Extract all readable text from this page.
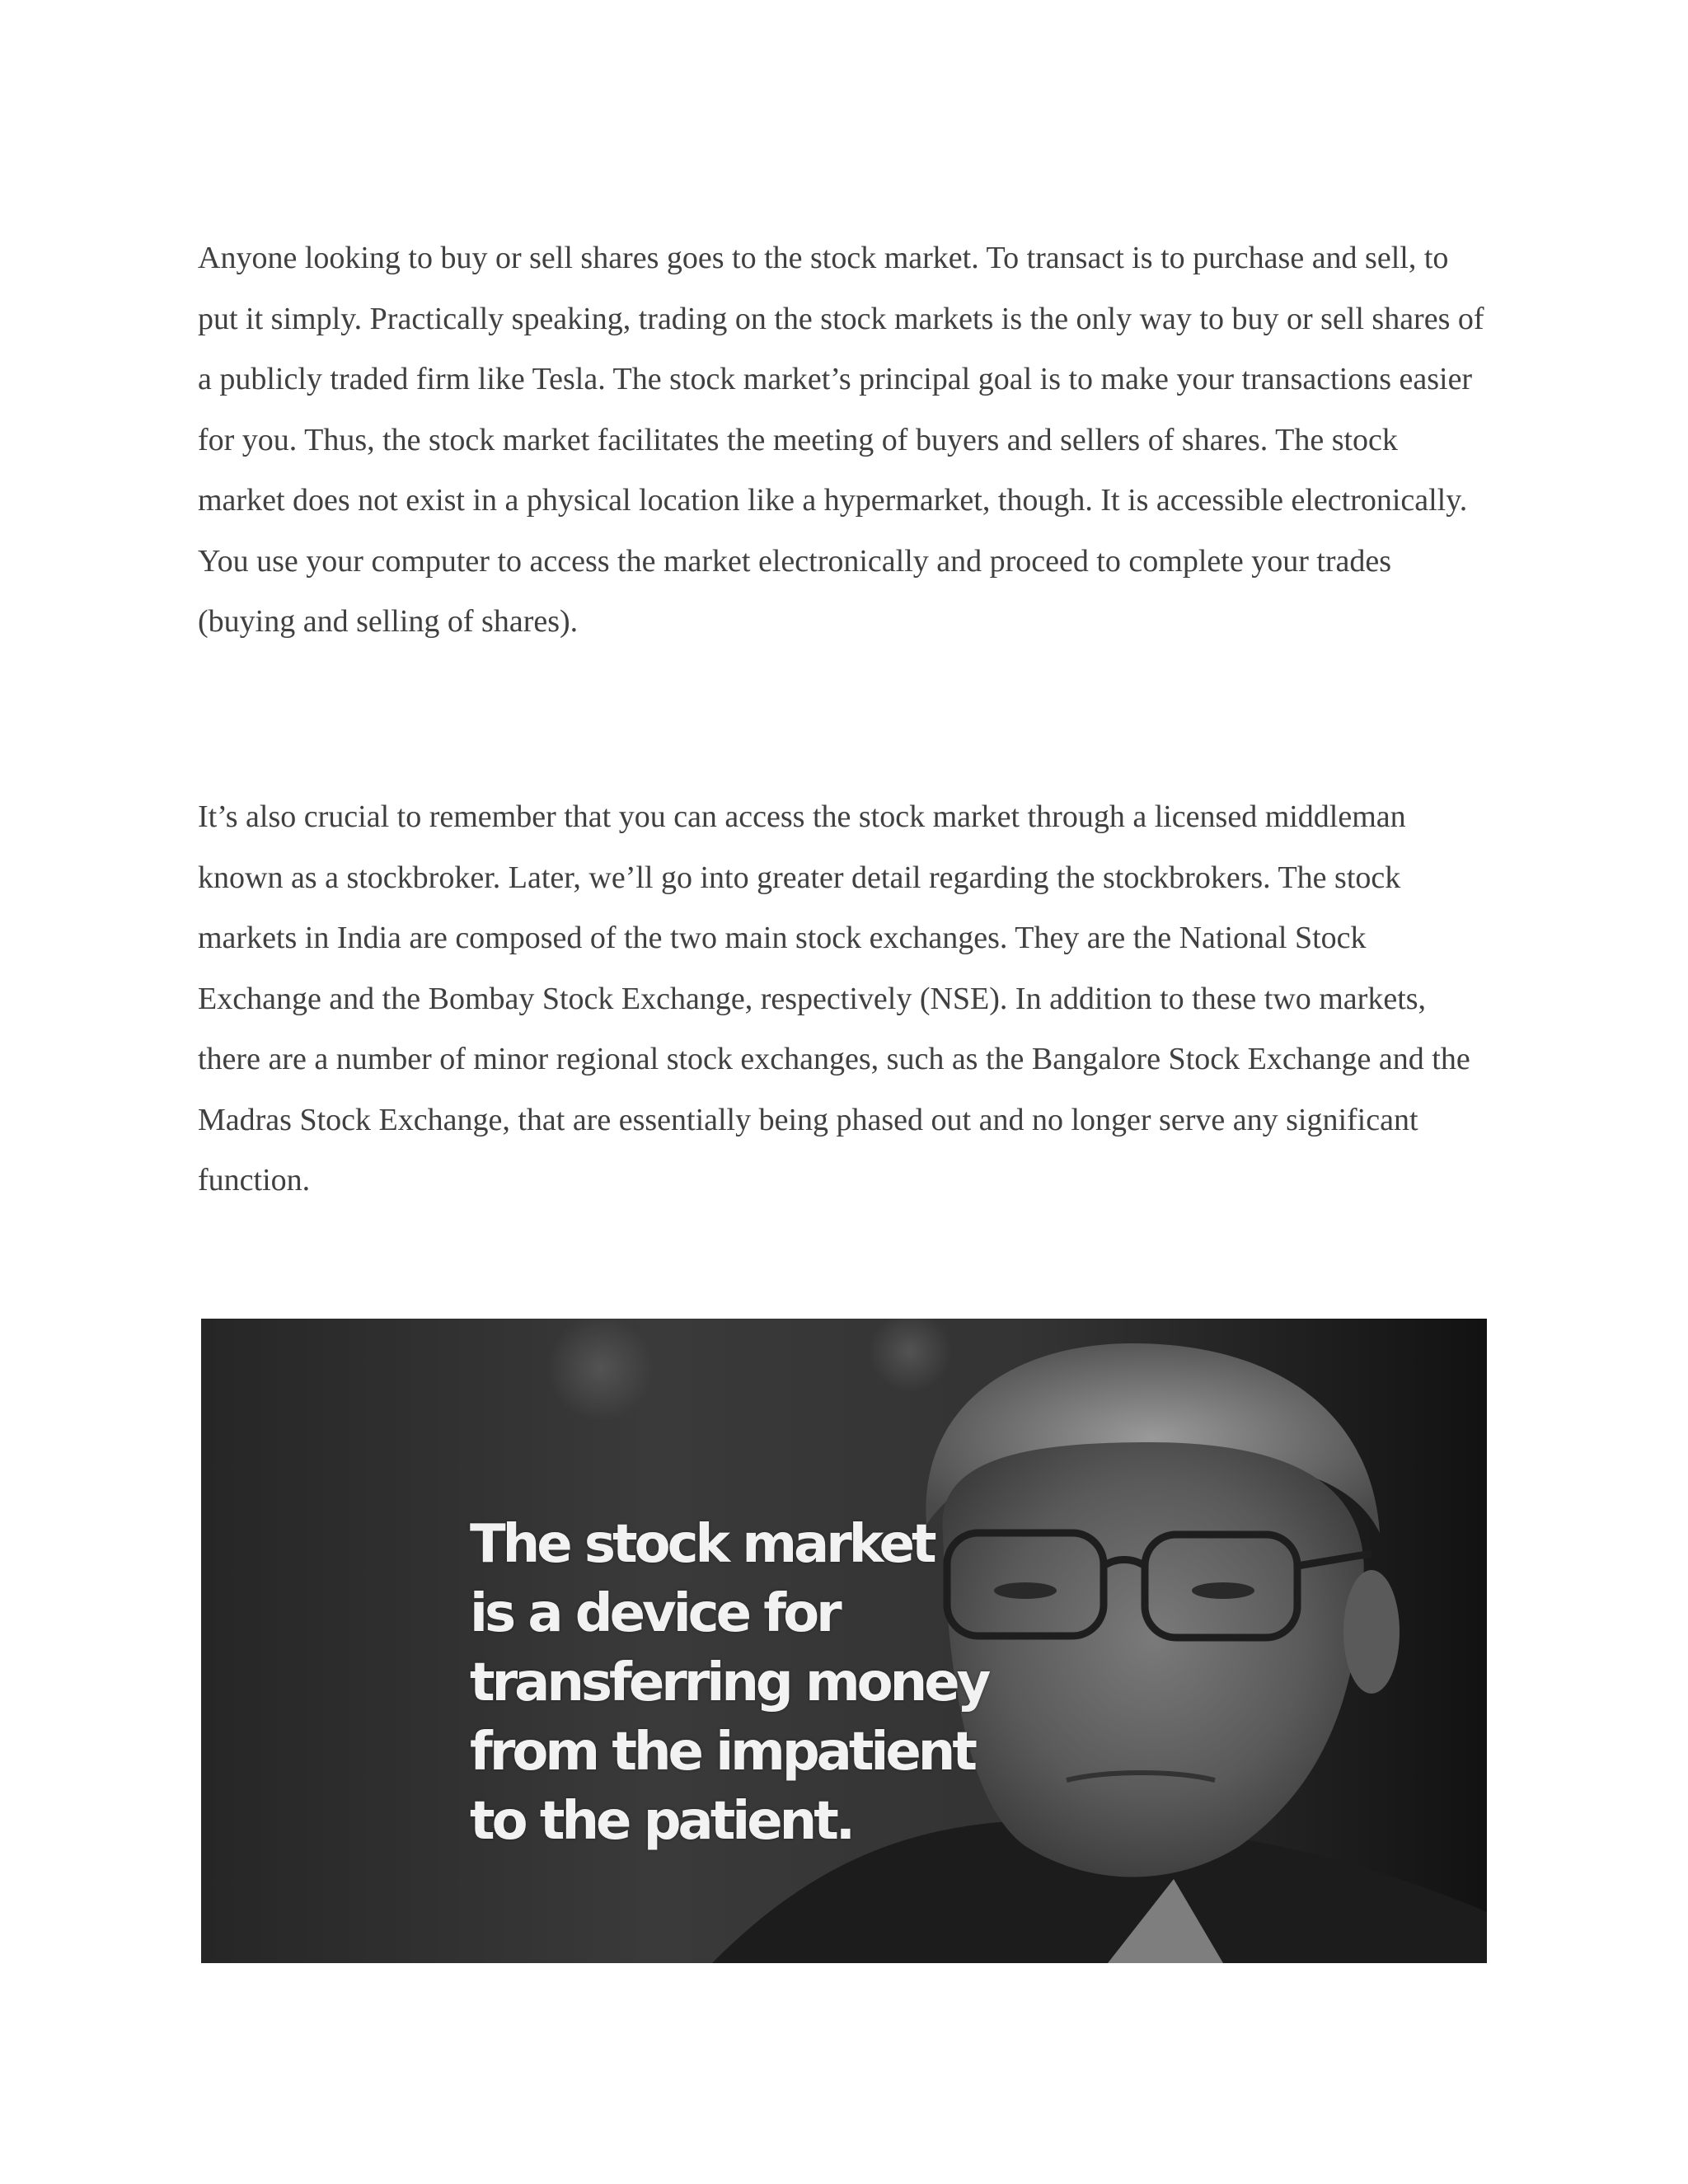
Anyone looking to buy or sell shares goes to the stock market. To transact is to purchase and sell, to put it simply. Practically speaking, trading on the stock markets is the only way to buy or sell shares of a publicly traded firm like Tesla. The stock market’s principal goal is to make your transactions easier for you. Thus, the stock market facilitates the meeting of buyers and sellers of shares. The stock market does not exist in a physical location like a hypermarket, though. It is accessible electronically. You use your computer to access the market electronically and proceed to complete your trades (buying and selling of shares).

It’s also crucial to remember that you can access the stock market through a licensed middleman known as a stockbroker. Later, we’ll go into greater detail regarding the stockbrokers. The stock markets in India are composed of the two main stock exchanges. They are the National Stock Exchange and the Bombay Stock Exchange, respectively (NSE). In addition to these two markets, there are a number of minor regional stock exchanges, such as the Bangalore Stock Exchange and the Madras Stock Exchange, that are essentially being phased out and no longer serve any significant function.

The stock market
is a device for
transferring money
from the impatient
to the patient.
